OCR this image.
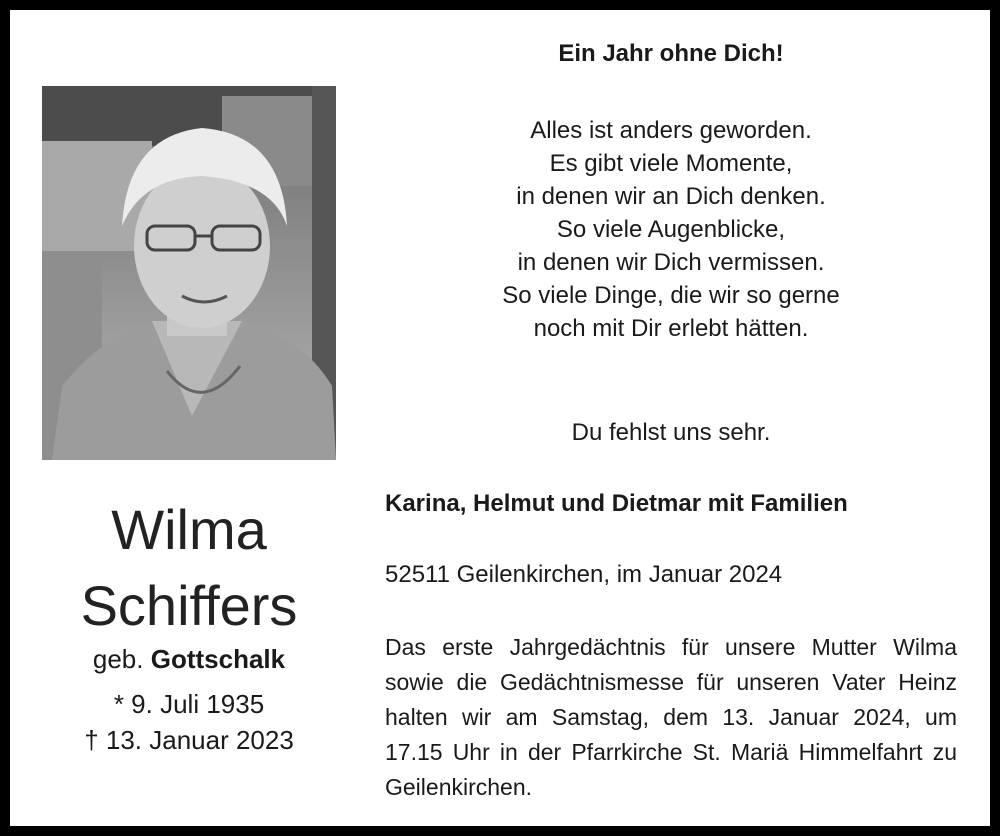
Wilma
Schiffers
geb. Gottschalk
* 9. Juli 1935
† 13. Januar 2023
Ein Jahr ohne Dich!
Alles ist anders geworden.
Es gibt viele Momente,
in denen wir an Dich denken.
So viele Augenblicke,
in denen wir Dich vermissen.
So viele Dinge, die wir so gerne
noch mit Dir erlebt hätten.
Du fehlst uns sehr.
Karina, Helmut und Dietmar mit Familien
52511 Geilenkirchen, im Januar 2024
Das erste Jahrgedächtnis für unsere Mutter Wilma sowie die Gedächtnismesse für unseren Vater Heinz halten wir am Samstag, dem 13. Januar 2024, um 17.15 Uhr in der Pfarrkirche St. Mariä Himmelfahrt zu Geilenkirchen.
